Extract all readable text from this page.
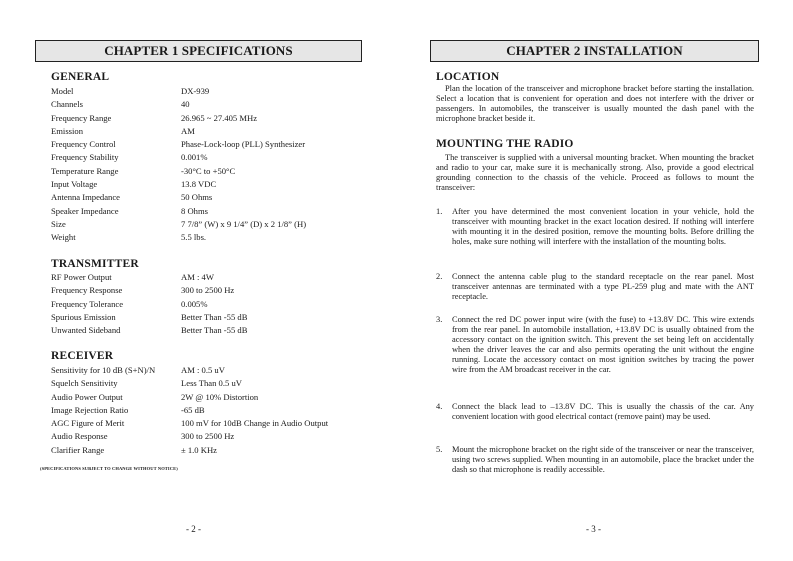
CHAPTER 1 SPECIFICATIONS
GENERAL
Model	DX-939
Channels	40
Frequency Range	26.965 ~ 27.405 MHz
Emission	AM
Frequency Control	Phase-Lock-loop (PLL) Synthesizer
Frequency Stability	0.001%
Temperature Range	-30°C to +50°C
Input Voltage	13.8 VDC
Antenna Impedance	50 Ohms
Speaker Impedance	8 Ohms
Size	7 7/8” (W) x 9 1/4” (D) x 2 1/8” (H)
Weight	5.5 lbs.
TRANSMITTER
RF Power Output	AM : 4W
Frequency Response	300 to 2500 Hz
Frequency Tolerance	0.005%
Spurious Emission	Better Than -55 dB
Unwanted Sideband	Better Than -55 dB
RECEIVER
Sensitivity for 10 dB (S+N)/N	AM : 0.5 uV
Squelch Sensitivity	Less Than 0.5 uV
Audio Power Output	2W @ 10% Distortion
Image Rejection Ratio	-65 dB
AGC Figure of Merit	100 mV for 10dB Change in Audio Output
Audio Response	300 to 2500 Hz
Clarifier Range	± 1.0 KHz
(SPECIFICATIONS SUBJECT TO CHANGE WITHOUT NOTICE)
- 2 -
CHAPTER 2 INSTALLATION
LOCATION
Plan the location of the transceiver and microphone bracket before starting the installation. Select a location that is convenient for operation and does not interfere with the driver or passengers. In automobiles, the transceiver is usually mounted the dash panel with the microphone bracket beside it.
MOUNTING THE RADIO
The transceiver is supplied with a universal mounting bracket. When mounting the bracket and radio to your car, make sure it is mechanically strong. Also, provide a good electrical grounding connection to the chassis of the vehicle. Proceed as follows to mount the transceiver:
1.	After you have determined the most convenient location in your vehicle, hold the transceiver with mounting bracket in the exact location desired. If nothing will interfere with mounting it in the desired position, remove the mounting bolts. Before drilling the holes, make sure nothing will interfere with the installation of the mounting bolts.
2.	Connect the antenna cable plug to the standard receptacle on the rear panel. Most transceiver antennas are terminated with a type PL-259 plug and mate with the ANT receptacle.
3.	Connect the red DC power input wire (with the fuse) to +13.8V DC. This wire extends from the rear panel. In automobile installation, +13.8V DC is usually obtained from the accessory contact on the ignition switch. This prevent the set being left on accidentally when the driver leaves the car and also permits operating the unit without the engine running. Locate the accessory contact on most ignition switches by tracing the power wire from the AM broadcast receiver in the car.
4.	Connect the black lead to –13.8V DC. This is usually the chassis of the car. Any convenient location with good electrical contact (remove paint) may be used.
5.	Mount the microphone bracket on the right side of the transceiver or near the transceiver, using two screws supplied. When mounting in an automobile, place the bracket under the dash so that microphone is readily accessible.
- 3 -
